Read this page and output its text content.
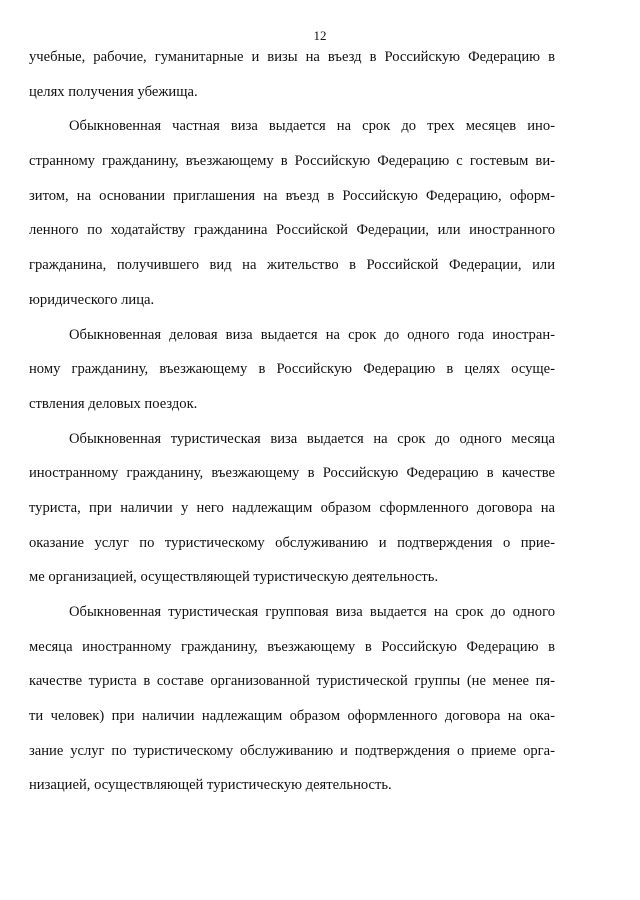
12
учебные, рабочие, гуманитарные и визы на въезд в Российскую Федерацию в
целях получения убежища.
Обыкновенная частная виза выдается на срок до трех месяцев ино-
странному гражданину, въезжающему в Российскую Федерацию с гостевым ви-
зитом, на основании приглашения на въезд в Российскую Федерацию, оформ-
ленного по ходатайству гражданина Российской Федерации, или иностранного
гражданина, получившего вид на жительство в Российской Федерации, или
юридического лица.
Обыкновенная деловая виза выдается на срок до одного года иностран-
ному гражданину, въезжающему в Российскую Федерацию в целях осуще-
ствления деловых поездок.
Обыкновенная туристическая виза выдается на срок до одного месяца
иностранному гражданину, въезжающему в Российскую Федерацию в качестве
туриста, при наличии у него надлежащим образом сформленного договора на
оказание услуг по туристическому обслуживанию и подтверждения о прие-
ме организацией, осуществляющей туристическую деятельность.
Обыкновенная туристическая групповая виза выдается на срок до одного
месяца иностранному гражданину, въезжающему в Российскую Федерацию в
качестве туриста в составе организованной туристической группы (не менее пя-
ти человек) при наличии надлежащим образом оформленного договора на ока-
зание услуг по туристическому обслуживанию и подтверждения о приеме орга-
низацией, осуществляющей туристическую деятельность.
